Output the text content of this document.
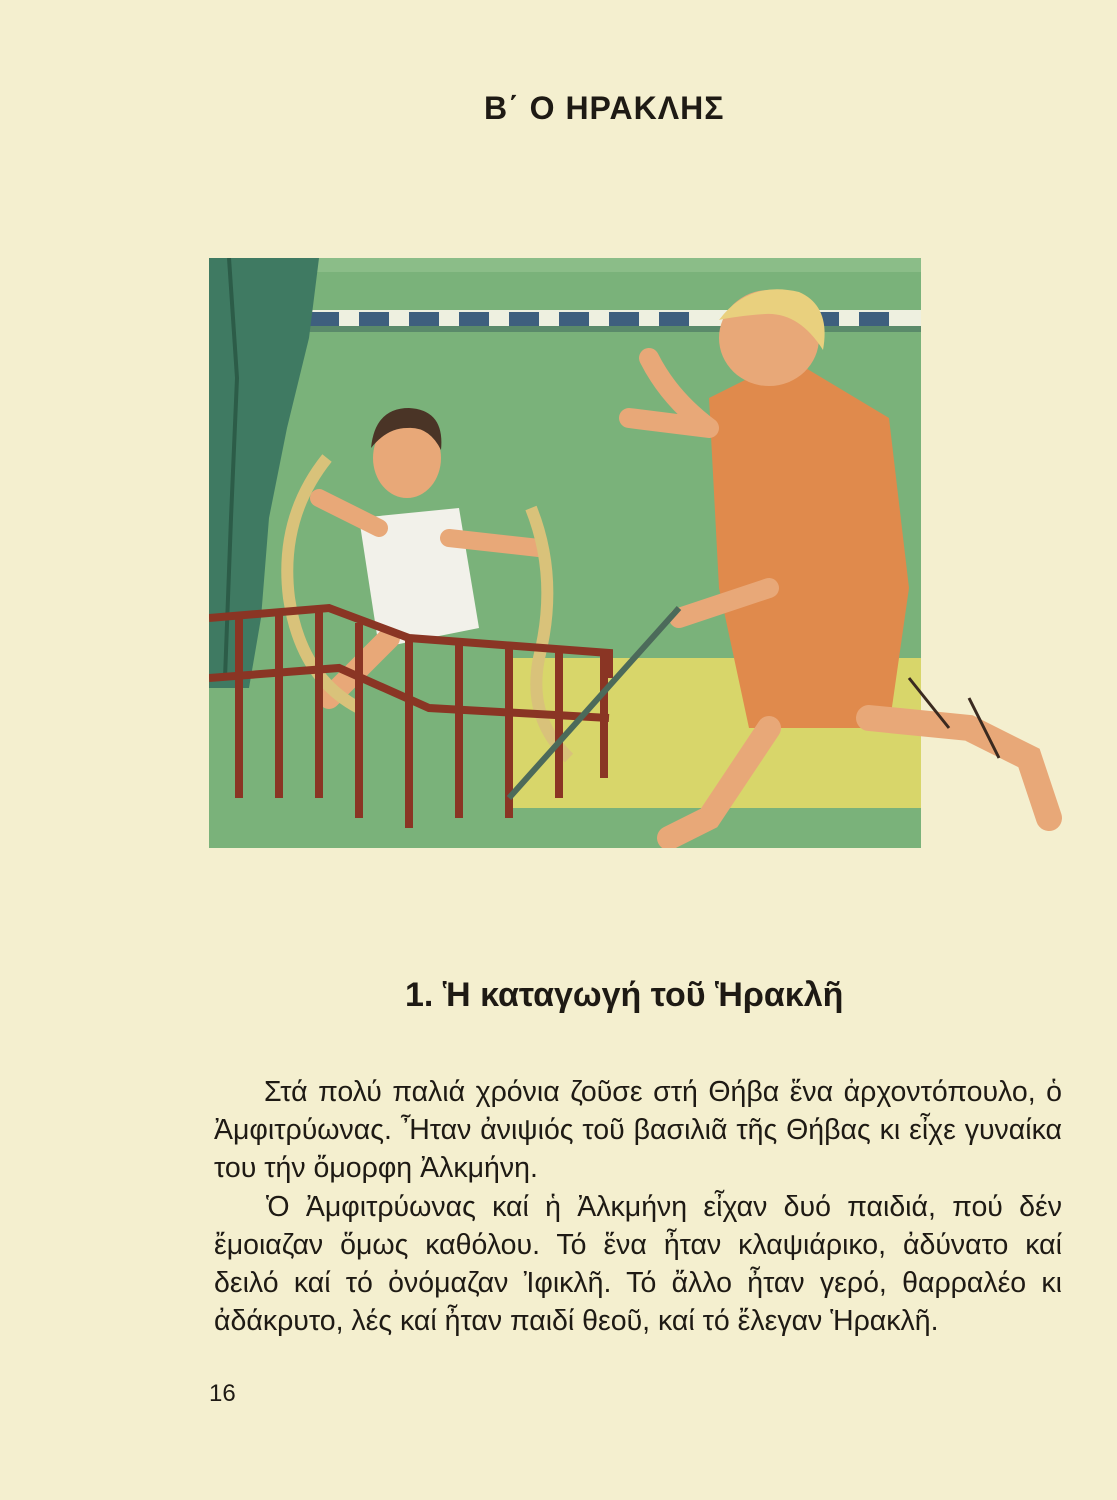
Β΄ Ο ΗΡΑΚΛΗΣ
1. Ἡ καταγωγή τοῦ Ἡρακλῆ

Στά πολύ παλιά χρόνια ζοῦσε στή Θήβα ἕνα ἀρχοντόπουλο, ὁ Ἀμφιτρύωνας. Ἦταν ἀνιψιός τοῦ βασιλιᾶ τῆς Θήβας κι εἶχε γυναίκα του τήν ὄμορφη Ἀλκμήνη.

Ὁ Ἀμφιτρύωνας καί ἡ Ἀλκμήνη εἶχαν δυό παιδιά, πού δέν ἔμοιαζαν ὅμως καθόλου. Τό ἕνα ἦταν κλαψιάρικο, ἀδύνατο καί δειλό καί τό ὀνόμαζαν Ἰφικλῆ. Τό ἄλλο ἦταν γερό, θαρραλέο κι ἀδάκρυτο, λές καί ἦταν παιδί θεοῦ, καί τό ἔλεγαν Ἡρακλῆ.

16
